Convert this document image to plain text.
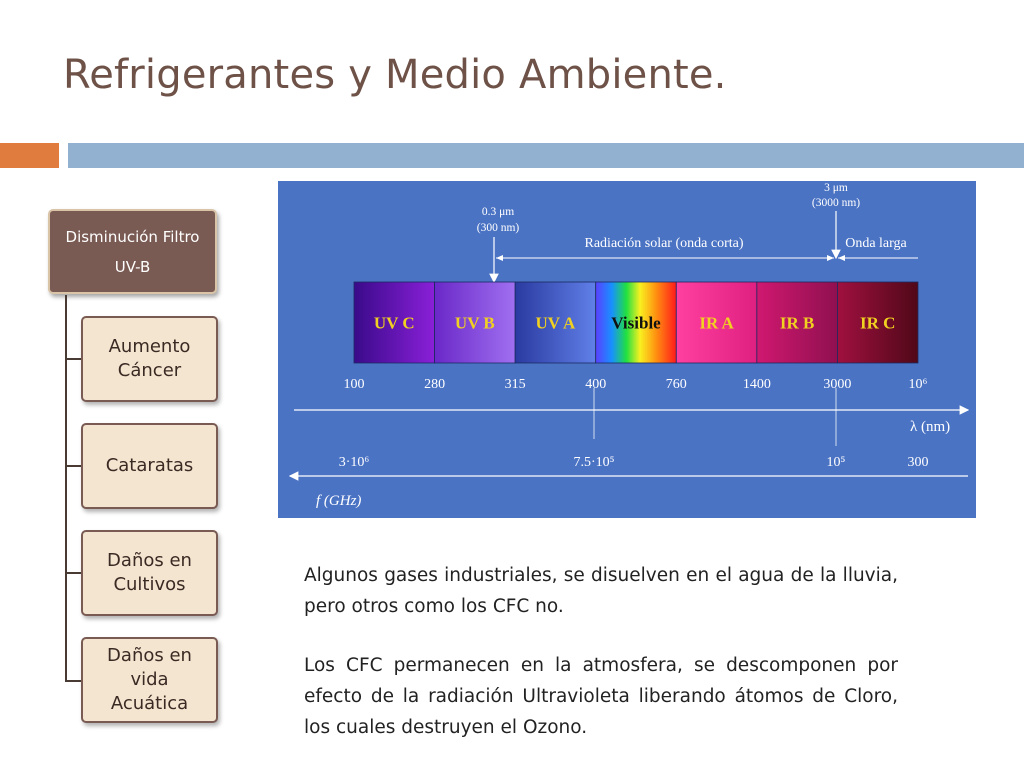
Refrigerantes y Medio Ambiente.
Disminución Filtro
UV-B
Aumento
Cáncer
Cataratas
Daños en
Cultivos
Daños en
vida
Acuática
0.3 μm
(300 nm)
3 μm
(3000 nm)
Radiación solar (onda corta)	Onda larga
UV C UV B UV A Visible IR A	IR B	IR C
100	280	315	400	760	1400	3000	10⁶
λ (nm)
3·10⁶	7.5·10⁵	10⁵	300
f (GHz)
Algunos gases industriales, se disuelven en el agua de la lluvia, pero otros como los CFC no.
Los CFC permanecen en la atmosfera, se descomponen por efecto de la radiación Ultravioleta liberando átomos de Cloro, los cuales destruyen el Ozono.
